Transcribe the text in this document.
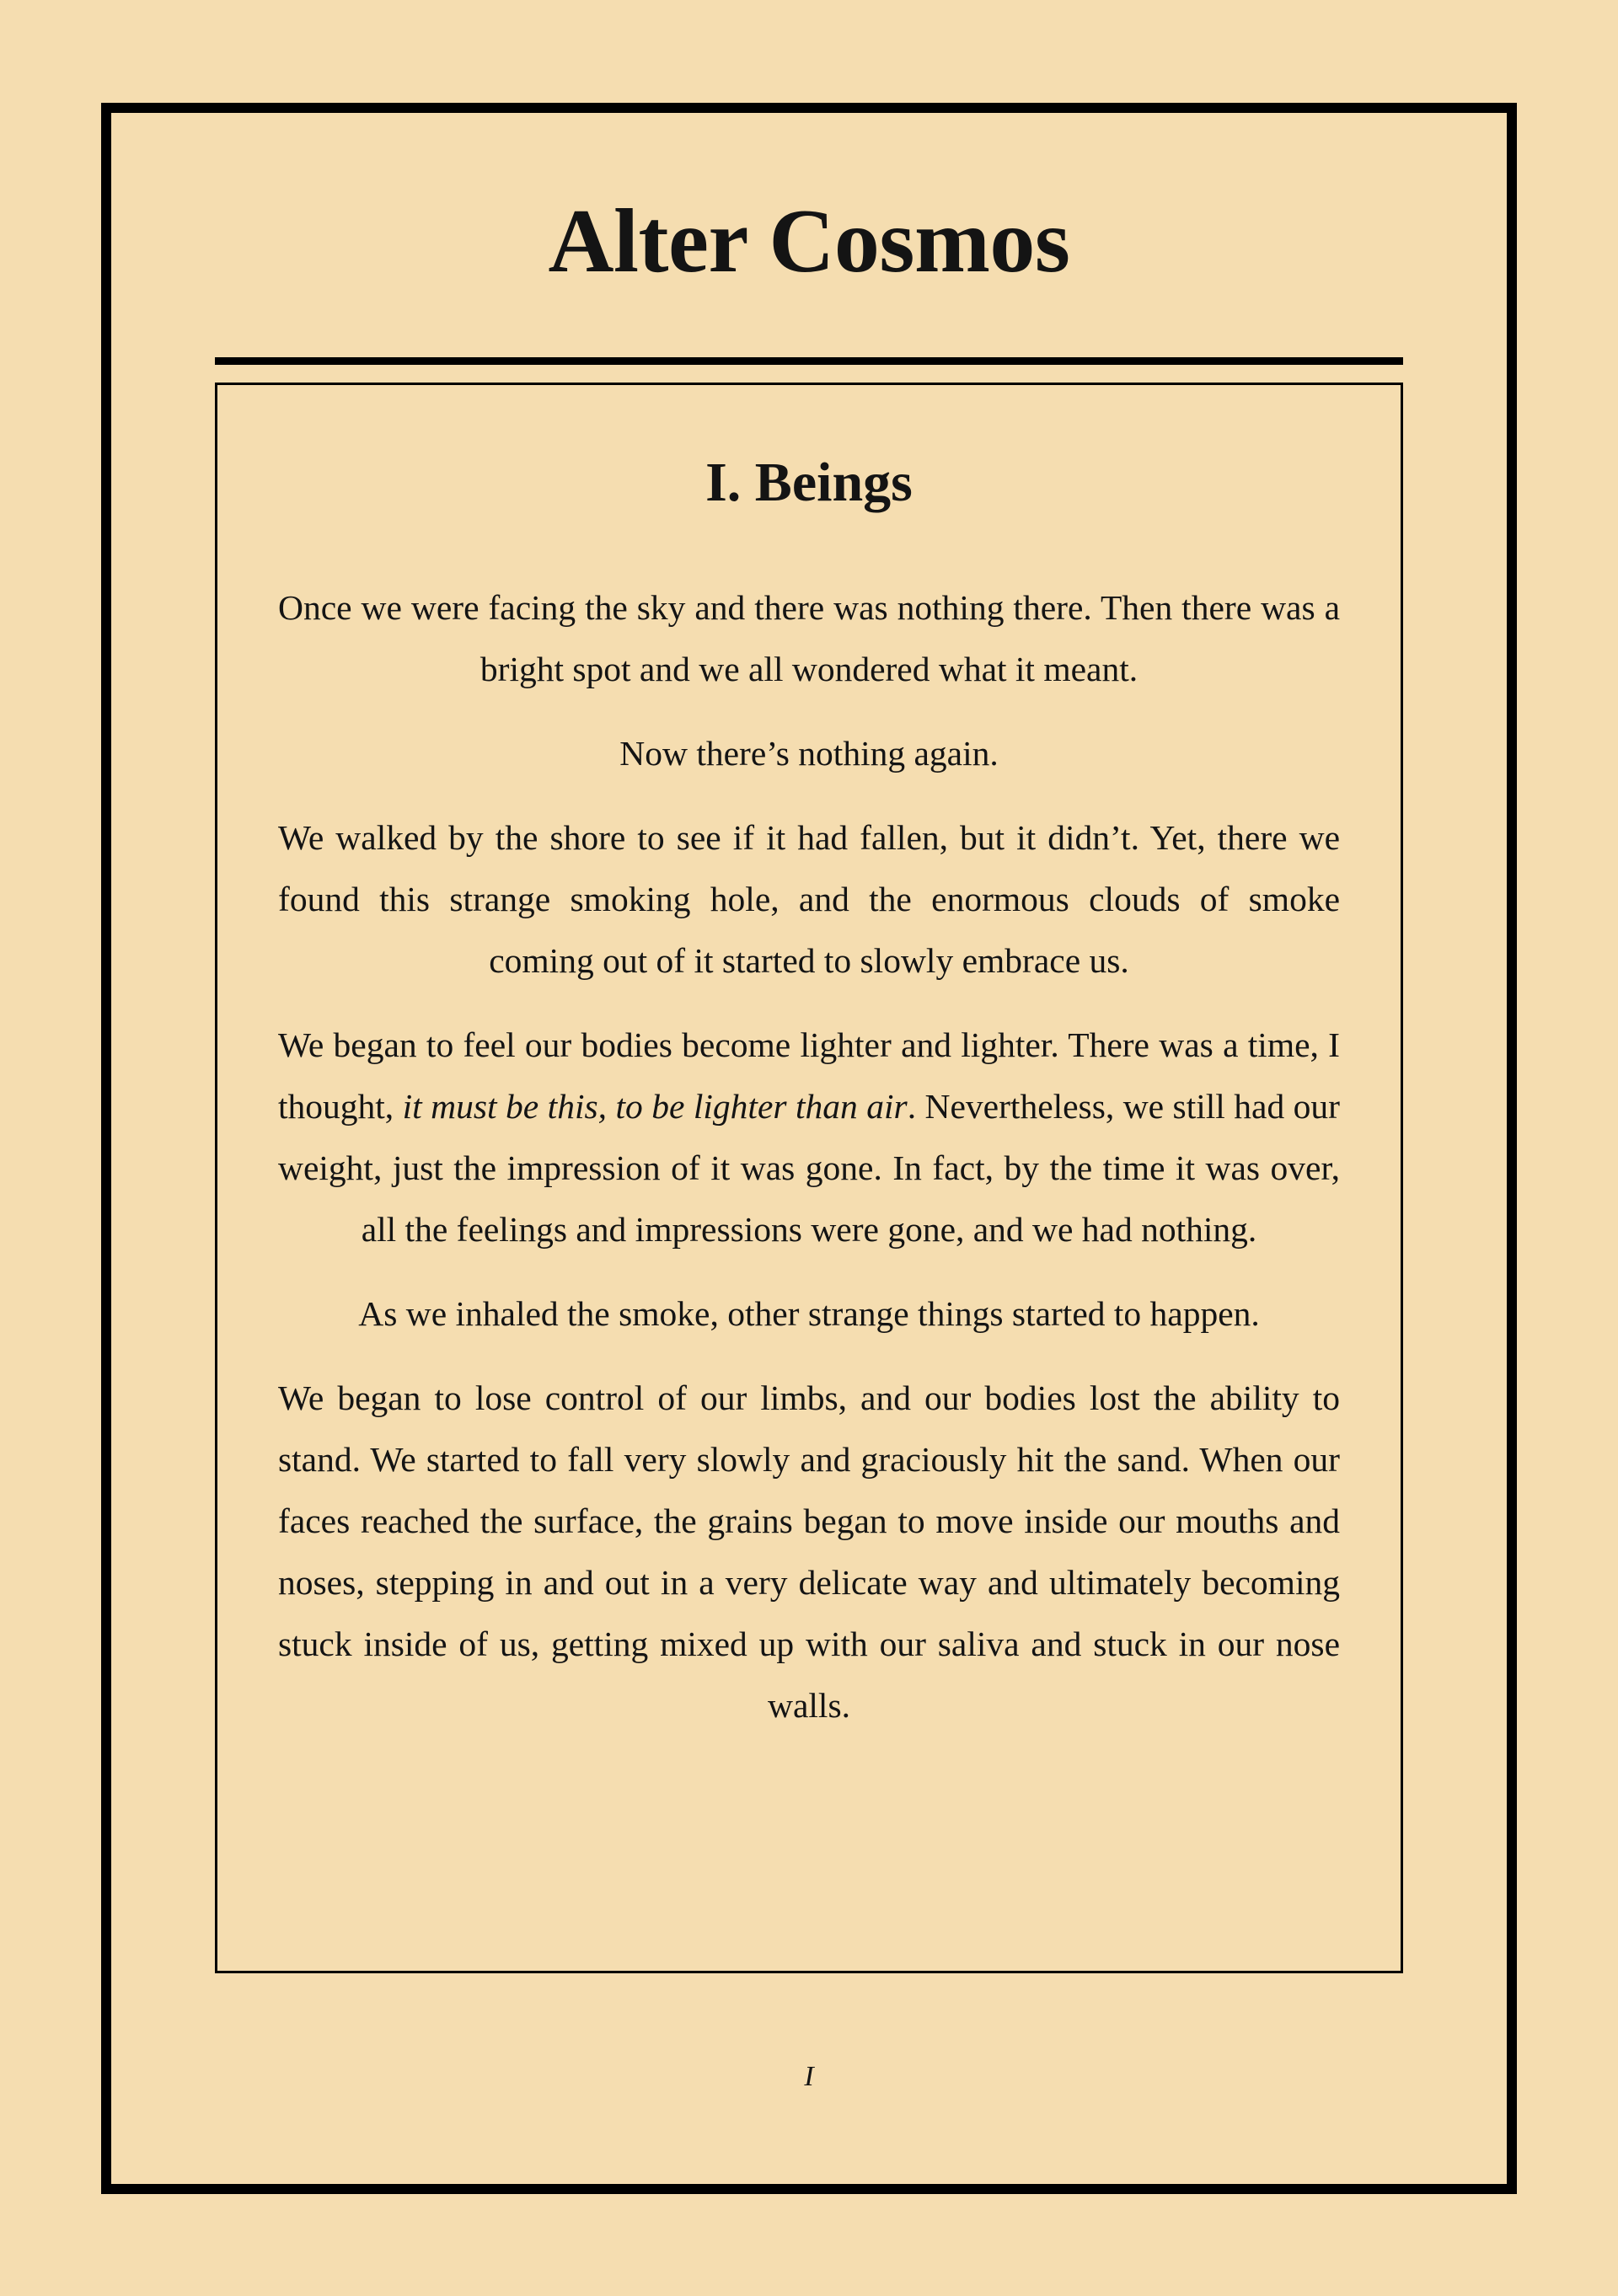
Alter Cosmos
I. Beings

Once we were facing the sky and there was nothing there. Then there was a bright spot and we all wondered what it meant.

Now there’s nothing again.

We walked by the shore to see if it had fallen, but it didn’t. Yet, there we found this strange smoking hole, and the enormous clouds of smoke coming out of it started to slowly embrace us.

We began to feel our bodies become lighter and lighter. There was a time, I thought, it must be this, to be lighter than air. Nevertheless, we still had our weight, just the impression of it was gone. In fact, by the time it was over, all the feelings and impressions were gone, and we had nothing.

As we inhaled the smoke, other strange things started to happen.

We began to lose control of our limbs, and our bodies lost the ability to stand. We started to fall very slowly and graciously hit the sand. When our faces reached the surface, the grains began to move inside our mouths and noses, stepping in and out in a very delicate way and ultimately becoming stuck inside of us, getting mixed up with our saliva and stuck in our nose walls.

I
